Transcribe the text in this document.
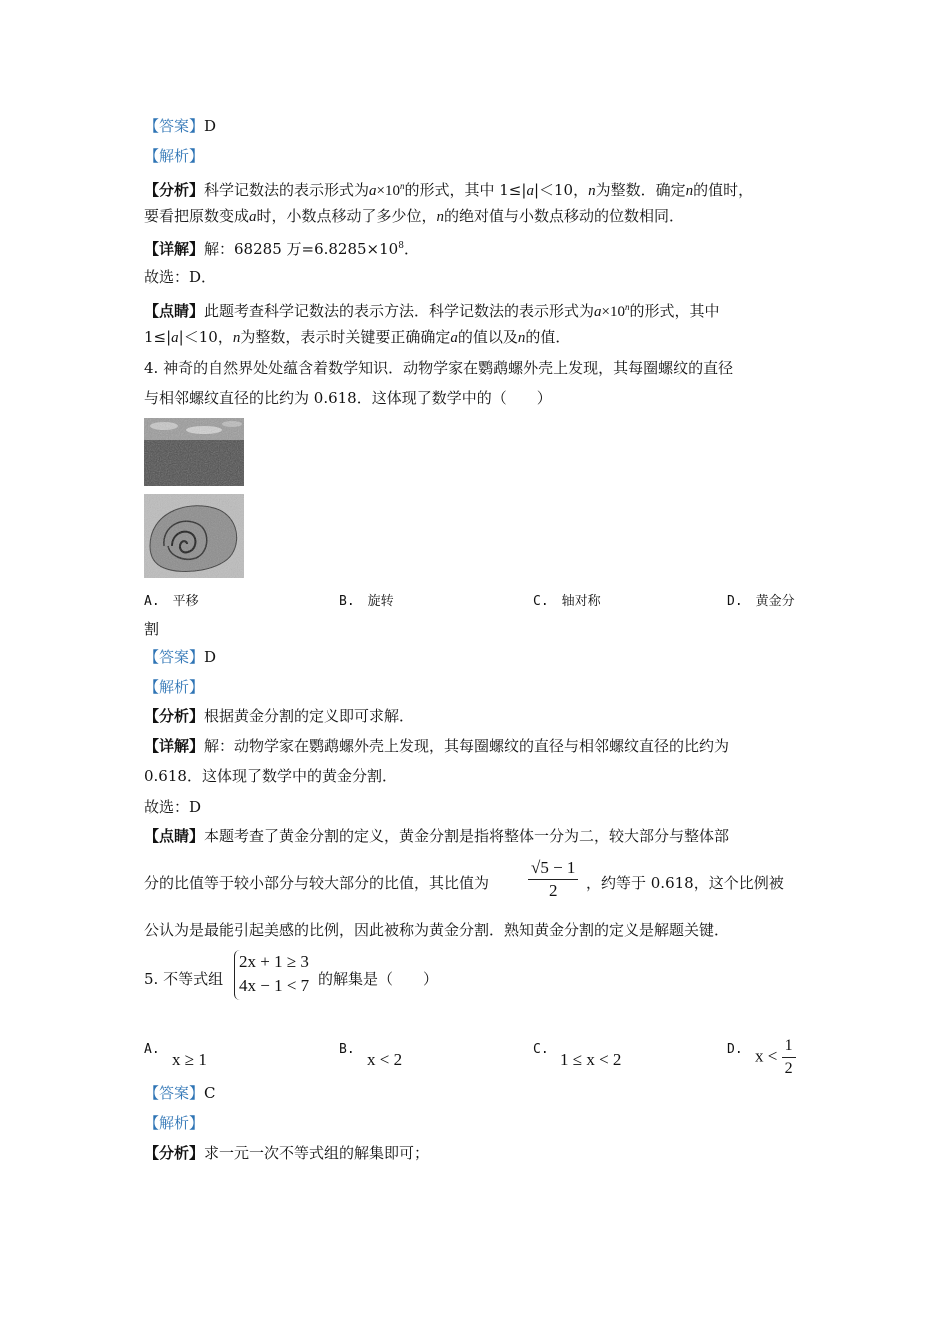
【答案】D
【解析】
【分析】科学记数法的表示形式为$a\times 10^n$的形式，其中 1≤|a|＜10，n为整数．确定n的值时，
要看把原数变成a时，小数点移动了多少位，n的绝对值与小数点移动的位数相同．
【详解】解：68285 万$=6.8285\times 10^8$．
故选：D．
【点睛】此题考查科学记数法的表示方法．科学记数法的表示形式为$a\times 10^n$的形式，其中
1≤|a|＜10，n为整数，表示时关键要正确确定a的值以及n的值．
4. 神奇的自然界处处蕴含着数学知识．动物学家在鹦鹉螺外壳上发现，其每圈螺纹的直径
与相邻螺纹直径的比约为 0.618．这体现了数学中的（　　）
A.　平移	B.　旋转	C.　轴对称	D.　黄金分
割
【答案】D
【解析】
【分析】根据黄金分割的定义即可求解．
【详解】解：动物学家在鹦鹉螺外壳上发现，其每圈螺纹的直径与相邻螺纹直径的比约为
0.618．这体现了数学中的黄金分割．
故选：D
【点睛】本题考查了黄金分割的定义，黄金分割是指将整体一分为二，较大部分与整体部
分的比值等于较小部分与较大部分的比值，其比值为 $\frac{√5 - 1}{2}$ ，约等于 0.618，这个比例被
公认为是最能引起美感的比例，因此被称为黄金分割．熟知黄金分割的定义是解题关键．
5. 不等式组
2x + 1 ≥ 3
4x − 1 < 7 的解集是（　　）
A.
x ≥ 1
B.
x < 2
C.
1 ≤ x < 2
D. $x < \frac{1}{2}$
【答案】C
【解析】
【分析】求一元一次不等式组的解集即可；
